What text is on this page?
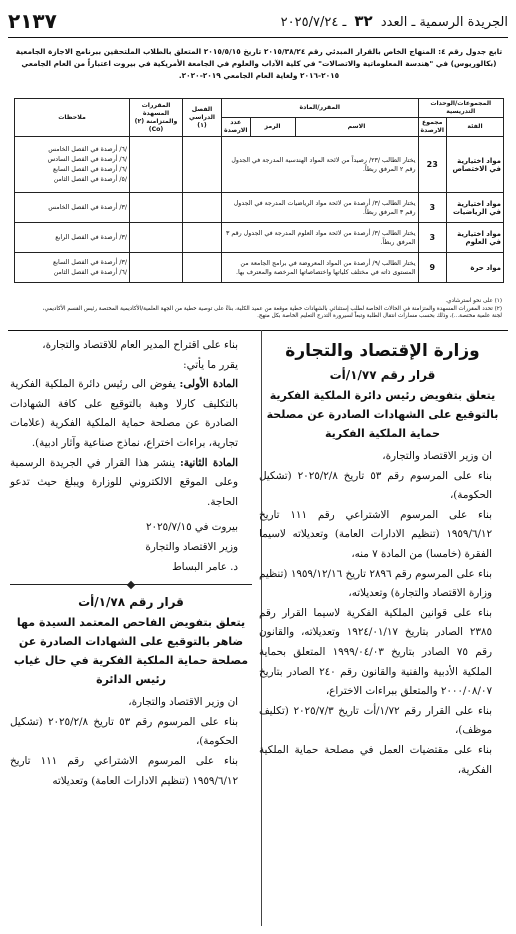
الجريدة الرسمية ـ العدد ٣٢ ـ ٢٠٢٥/٧/٢٤
٢١٣٧
تابع جدول رقم ٤: المنهاج الخاص بالقرار المبدئي رقم ٢٠١٥/٣٨/٢٤ تاريخ ٢٠١٥/٥/١٥ المتعلق بالطلاب الملتحقين ببرنامج الاجازة الجامعية
(بكالوريوس) في "هندسة المعلوماتية والاتصالات" في كلية الآداب والعلوم في الجامعة الأمريكية في بيروت اعتباراً من العام الجامعي
٢٠١٥-٢٠١٦ ولغاية العام الجامعي ٢٠١٩-٢٠٢٠.
المجموعات/الوحدات التدريسية		المقرر/المادة			الفصل الدراسي (١)	المقررات المسهدة والمتزامنة (٢) (Co)	ملاحظات
الفئة	مجموع الارصدة	الاسم	الرمز	عدد الارصدة			
مواد اختيارية في الاختصاص	23	يختار الطالب /٢٣/ رصيداً من لائحة المواد الهندسية المدرجة في الجدول رقم ٢ المرفق ربطاً.					/٦/ أرصدة في الفصل الخامس
/٦/ أرصدة في الفصل السادس
/٦/ أرصدة في الفصل السابع
/٥/ أرصدة في الفصل الثامن
مواد اختيارية في الرياضيات	3	يختار الطالب /٣/ أرصدة من لائحة مواد الرياضيات المدرجة في الجدول رقم ٣ المرفق ربطاً.					/٣/ أرصدة في الفصل الخامس
مواد اختيارية في العلوم	3	يختار الطالب /٣/ أرصدة من لائحة مواد العلوم المدرجة في الجدول رقم ٣ المرفق ربطاً.					/٣/ أرصدة في الفصل الرابع
مواد حرة	9	يختار الطالب /٩/ أرصدة من المواد المعروضة في برامج الجامعة من المستوى ذاته في مختلف كلياتها واختصاصاتها المرخصة والمعترف بها.					/٣/ أرصدة في الفصل السابع
/٦/ أرصدة في الفصل الثامن
(١) على نحو استرشادي.
(٢) تحدد المقررات المسهدة والمتزامنة في الحالات الخاصة لطلب إستثنائي بالشهادات خطية موقعة من عميد الكلية، بناءً على توصية خطية من الجهة العلمية/الأكاديمية المختصة رئيس القسم الأكاديمي،
لجنة علمية مختصة...)، وذلك بحسب مسارات انتقال الطلبة وتبعاً لسيرورة التدرج التعليم الخاصة بكل منهج.
وزارة الإقتصاد والتجارة
قرار رقم ١/٧٧/أت
يتعلق بتفويض رئيس دائرة الملكية الفكرية بالتوقيع على الشهادات الصادرة عن مصلحة حماية الملكية الفكرية

ان وزير الاقتصاد والتجارة،

بناء على المرسوم رقم ٥٣ تاريخ ٢٠٢٥/٢/٨ (تشكيل الحكومة)،

بناء على المرسوم الاشتراعي رقم ١١١ تاريخ ١٩٥٩/٦/١٢ (تنظيم الادارات العامة) وتعديلاته لاسيما الفقرة (خامسا) من المادة ٧ منه،

بناء على المرسوم رقم ٢٨٩٦ تاريخ ١٩٥٩/١٢/١٦ (تنظيم وزارة الاقتصاد والتجارة) وتعديلاته،

بناء على قوانين الملكية الفكرية لاسيما القرار رقم ٢٣٨٥ الصادر بتاريخ ١٩٢٤/٠١/١٧ وتعديلاته، والقانون رقم ٧٥ الصادر بتاريخ ١٩٩٩/٠٤/٠٣ المتعلق بحماية الملكية الأدبية والفنية والقانون رقم ٢٤٠ الصادر بتاريخ ٢٠٠٠/٠٨/٠٧ والمتعلق ببراءات الاختراع،

بناء على القرار رقم ١/٧٢/أت تاريخ ٢٠٢٥/٧/٣ (تكليف موظف)،

بناء على مقتضيات العمل في مصلحة حماية الملكية الفكرية،

بناء على اقتراح المدير العام للاقتصاد والتجارة،

يقرر ما يأتي:

المادة الأولى: يفوض الى رئيس دائرة الملكية الفكرية بالتكليف كارلا وهبة بالتوقيع على كافة الشهادات الصادرة عن مصلحة حماية الملكية الفكرية (علامات تجارية، براءات اختراع، نماذج صناعية وآثار ادبية).

المادة الثانية: ينشر هذا القرار في الجريدة الرسمية وعلى الموقع الالكتروني للوزارة ويبلغ حيث تدعو الحاجة.

بيروت في ٢٠٢٥/٧/١٥

وزير الاقتصاد والتجارة

د. عامر البساط

قرار رقم ١/٧٨/أت
يتعلق بتفويض الفاحص المعتمد السيدة مها ضاهر بالتوقيع على الشهادات الصادرة عن مصلحة حماية الملكية الفكرية في حال غياب رئيس الدائرة

ان وزير الاقتصاد والتجارة،

بناء على المرسوم رقم ٥٣ تاريخ ٢٠٢٥/٢/٨ (تشكيل الحكومة)،

بناء على المرسوم الاشتراعي رقم ١١١ تاريخ ١٩٥٩/٦/١٢ (تنظيم الادارات العامة) وتعديلاته
